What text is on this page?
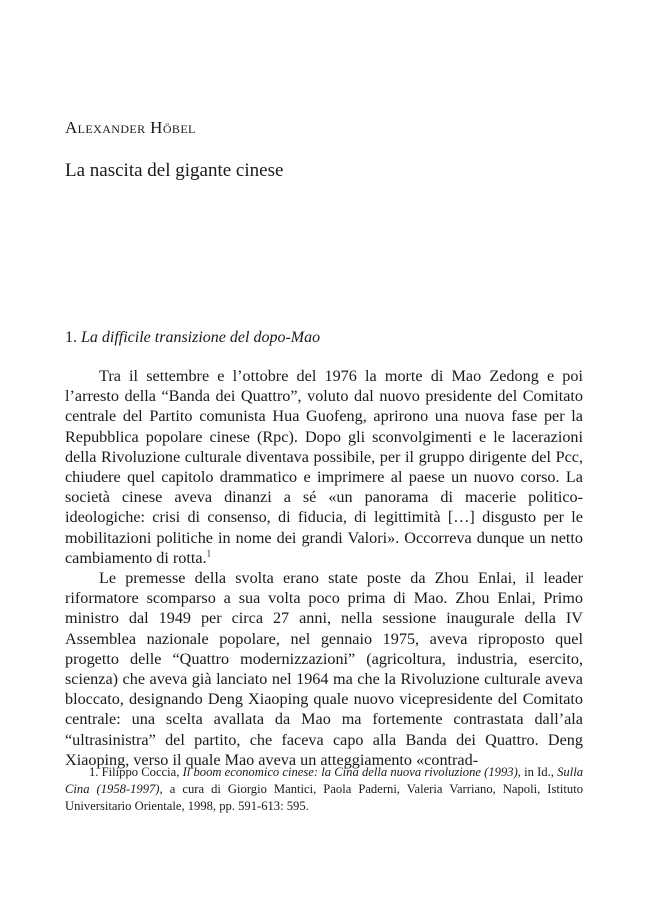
Alexander Höbel
La nascita del gigante cinese
1. La difficile transizione del dopo-Mao

Tra il settembre e l’ottobre del 1976 la morte di Mao Zedong e poi l’arresto della “Banda dei Quattro”, voluto dal nuovo presidente del Comitato centrale del Partito comunista Hua Guofeng, aprirono una nuova fase per la Repubblica popolare cinese (Rpc). Dopo gli sconvolgimenti e le lacerazioni della Rivoluzione culturale diventava possibile, per il gruppo dirigente del Pcc, chiudere quel capitolo drammatico e imprimere al paese un nuovo corso. La società cinese aveva dinanzi a sé «un panorama di macerie politico-ideologiche: crisi di consenso, di fiducia, di legittimità […] disgusto per le mobilitazioni politiche in nome dei grandi Valori». Occorreva dunque un netto cambiamento di rotta.$^1$

Le premesse della svolta erano state poste da Zhou Enlai, il leader riformatore scomparso a sua volta poco prima di Mao. Zhou Enlai, Primo ministro dal 1949 per circa 27 anni, nella sessione inaugurale della IV Assemblea nazionale popolare, nel gennaio 1975, aveva riproposto quel progetto delle “Quattro modernizzazioni” (agricoltura, industria, esercito, scienza) che aveva già lanciato nel 1964 ma che la Rivoluzione culturale aveva bloccato, designando Deng Xiaoping quale nuovo vicepresidente del Comitato centrale: una scelta avallata da Mao ma fortemente contrastata dall’ala “ultrasinistra” del partito, che faceva capo alla Banda dei Quattro. Deng Xiaoping, verso il quale Mao aveva un atteggiamento «contrad-

1. Filippo Coccia, Il boom economico cinese: la Cina della nuova rivoluzione (1993), in Id., Sulla Cina (1958-1997), a cura di Giorgio Mantici, Paola Paderni, Valeria Varriano, Napoli, Istituto Universitario Orientale, 1998, pp. 591-613: 595.
